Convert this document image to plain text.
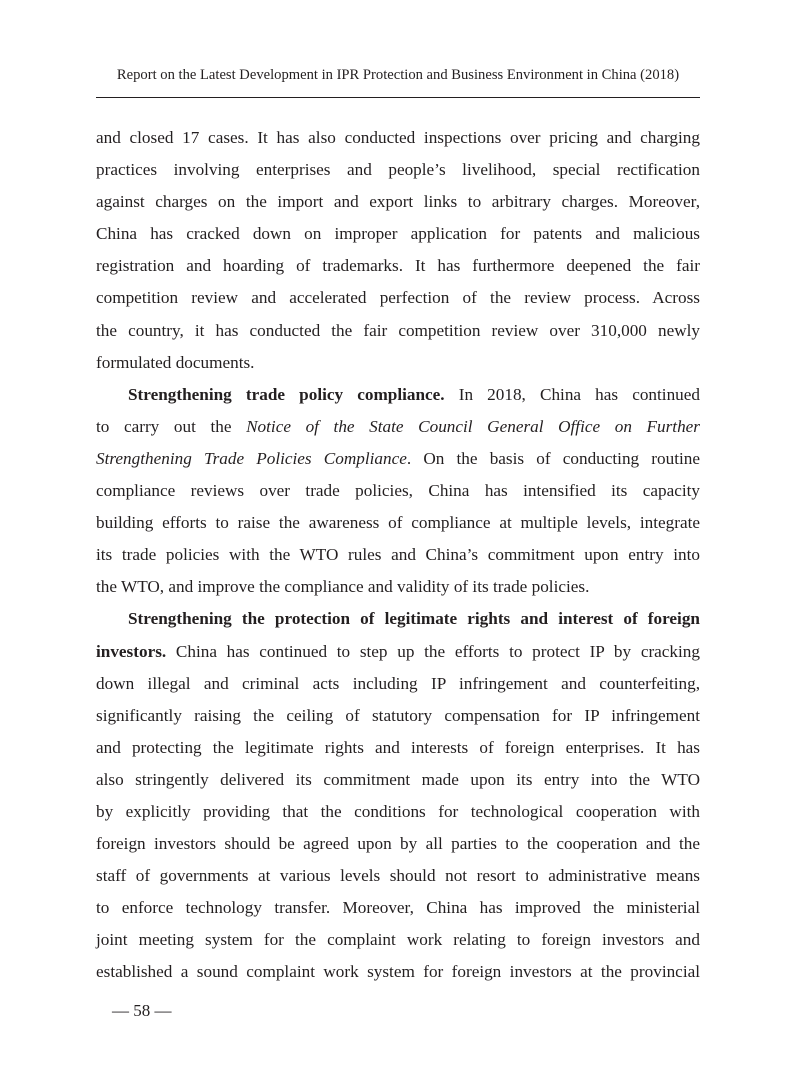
Report on the Latest Development in IPR Protection and Business Environment in China (2018)
and closed 17 cases. It has also conducted inspections over pricing and charging
practices involving enterprises and people’s livelihood, special rectification
against charges on the import and export links to arbitrary charges. Moreover,
China has cracked down on improper application for patents and malicious
registration and hoarding of trademarks. It has furthermore deepened the fair
competition review and accelerated perfection of the review process. Across
the country, it has conducted the fair competition review over 310,000 newly
formulated documents.
Strengthening trade policy compliance. In 2018, China has continued
to carry out the Notice of the State Council General Office on Further
Strengthening Trade Policies Compliance. On the basis of conducting routine
compliance reviews over trade policies, China has intensified its capacity
building efforts to raise the awareness of compliance at multiple levels, integrate
its trade policies with the WTO rules and China’s commitment upon entry into
the WTO, and improve the compliance and validity of its trade policies.
Strengthening the protection of legitimate rights and interest of foreign
investors. China has continued to step up the efforts to protect IP by cracking
down illegal and criminal acts including IP infringement and counterfeiting,
significantly raising the ceiling of statutory compensation for IP infringement
and protecting the legitimate rights and interests of foreign enterprises. It has
also stringently delivered its commitment made upon its entry into the WTO
by explicitly providing that the conditions for technological cooperation with
foreign investors should be agreed upon by all parties to the cooperation and the
staff of governments at various levels should not resort to administrative means
to enforce technology transfer. Moreover, China has improved the ministerial
joint meeting system for the complaint work relating to foreign investors and
established a sound complaint work system for foreign investors at the provincial
— 58 —
